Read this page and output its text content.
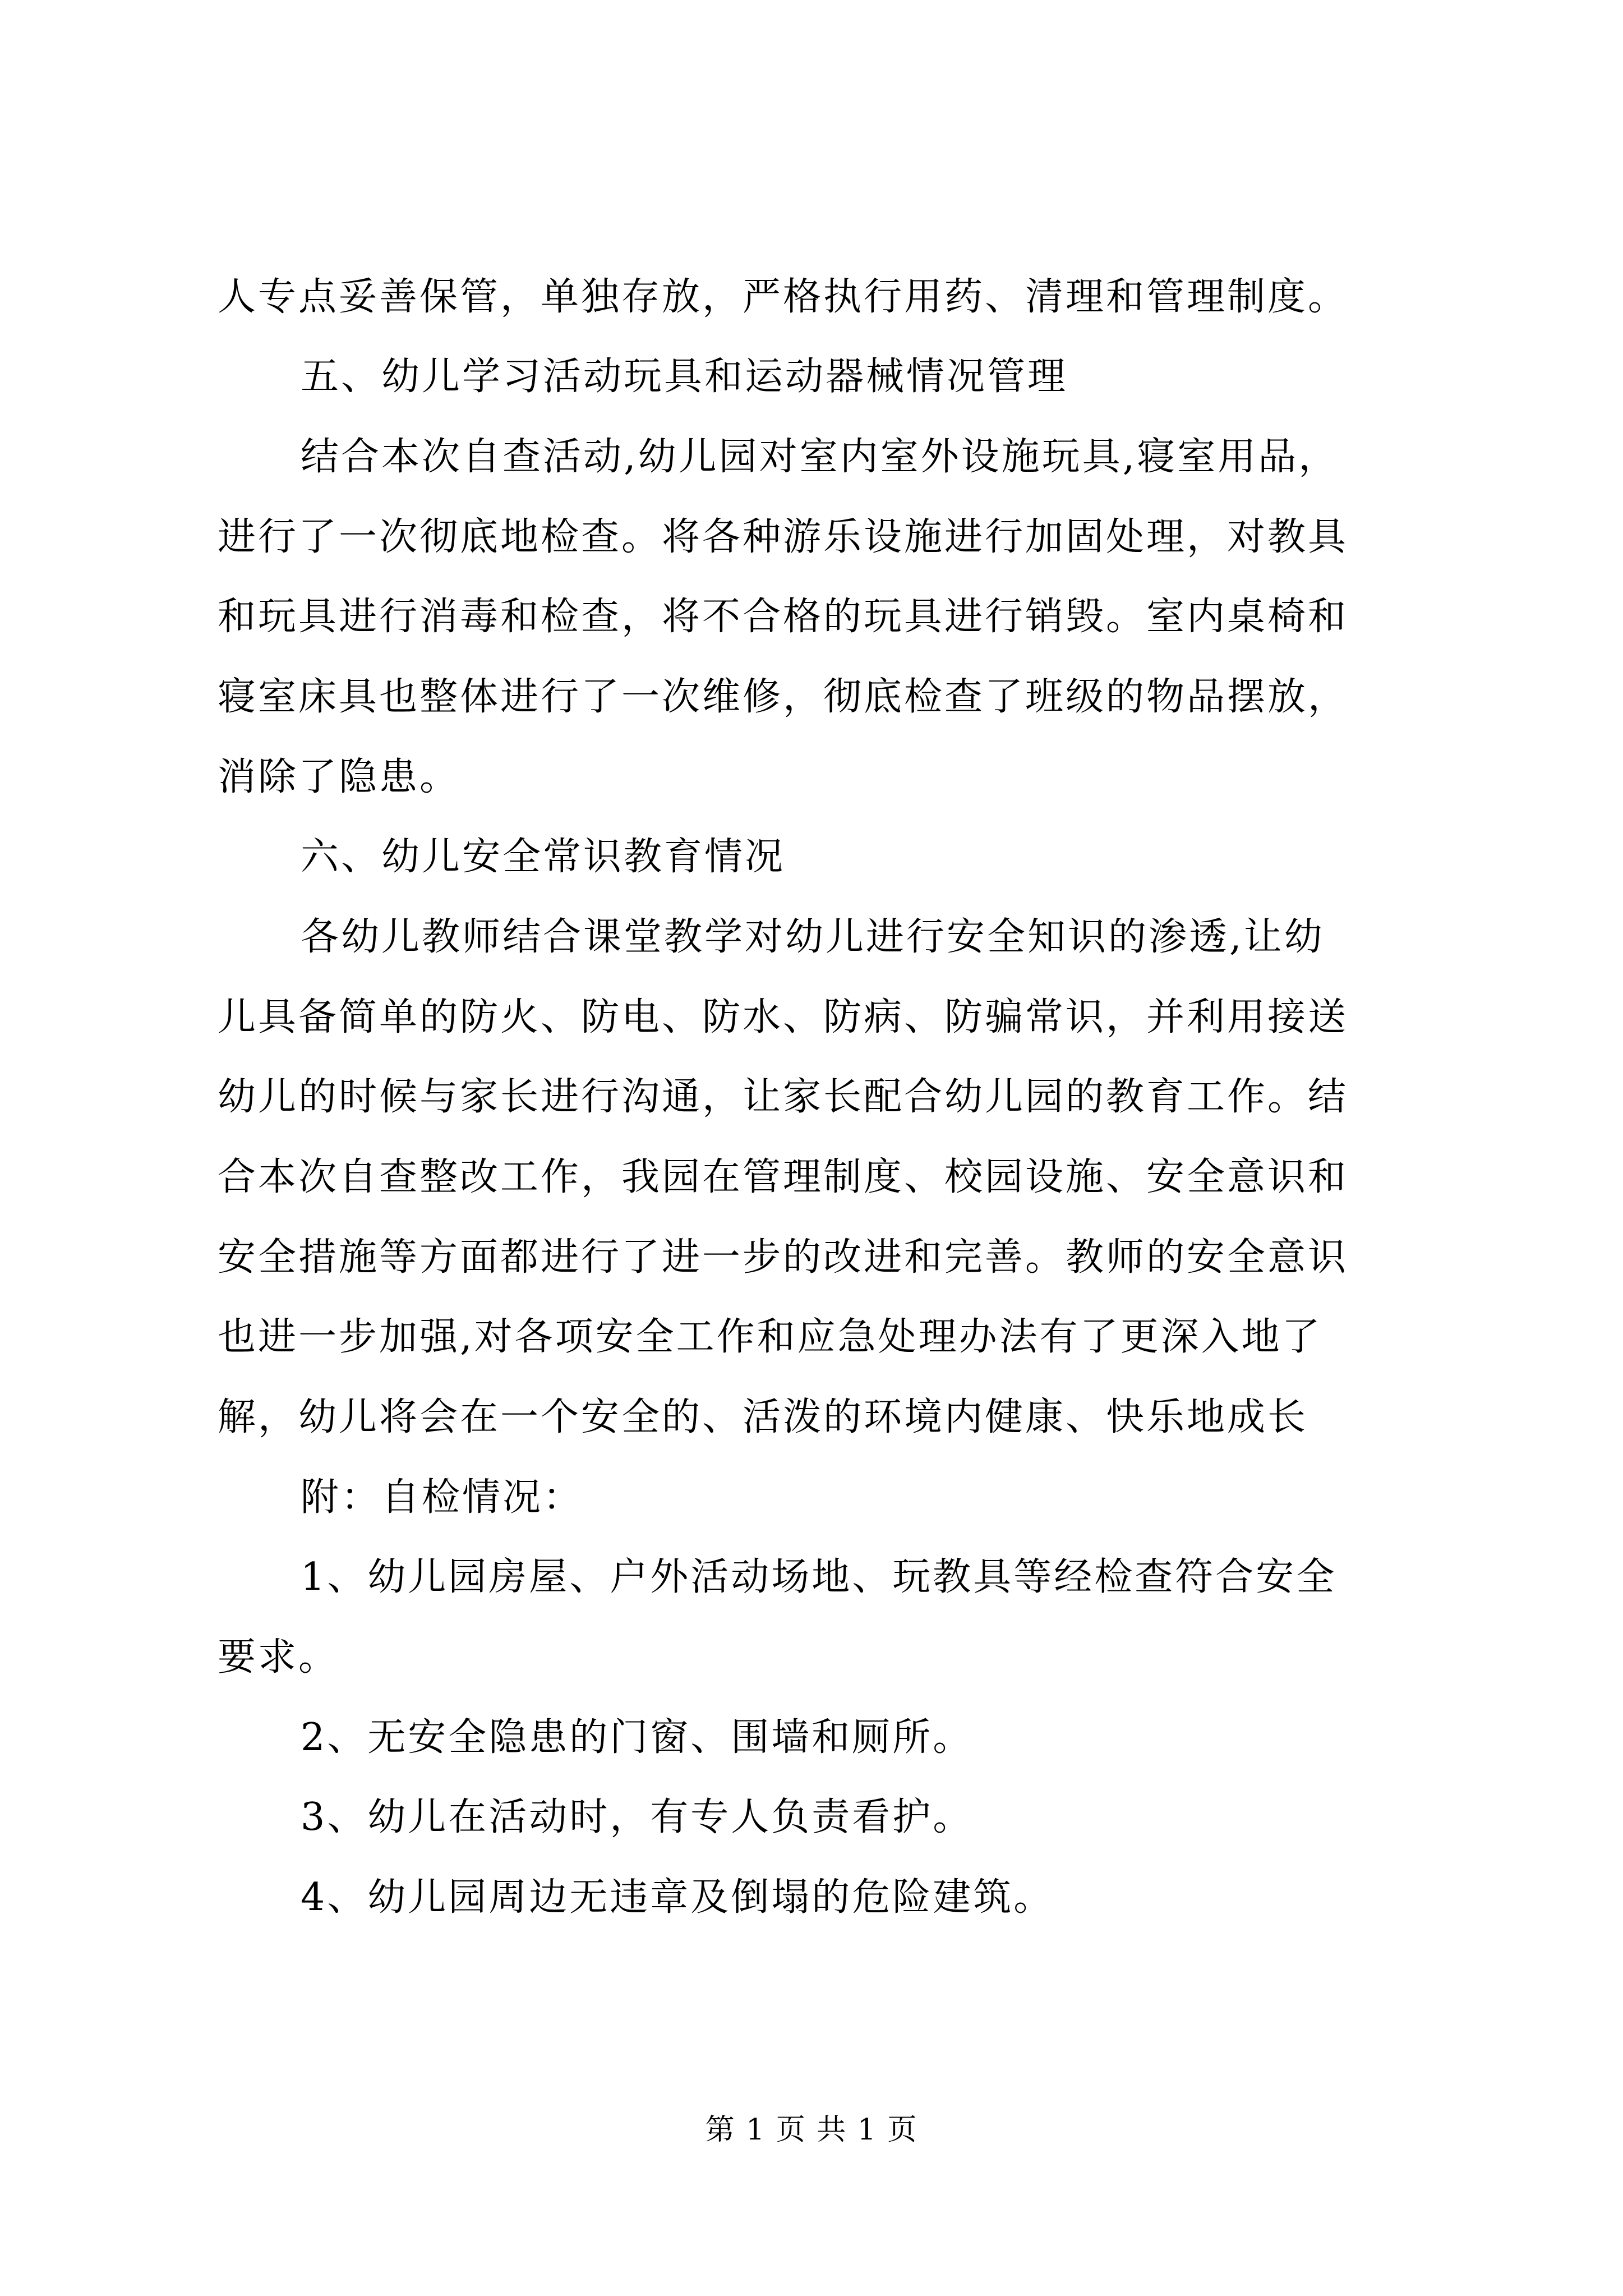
人专点妥善保管，单独存放，严格执行用药、清理和管理制度。
五、幼儿学习活动玩具和运动器械情况管理
结合本次自查活动,幼儿园对室内室外设施玩具,寝室用品，
进行了一次彻底地检查。将各种游乐设施进行加固处理，对教具
和玩具进行消毒和检查，将不合格的玩具进行销毁。室内桌椅和
寝室床具也整体进行了一次维修，彻底检查了班级的物品摆放，
消除了隐患。
六、幼儿安全常识教育情况
各幼儿教师结合课堂教学对幼儿进行安全知识的渗透,让幼
儿具备简单的防火、防电、防水、防病、防骗常识，并利用接送
幼儿的时候与家长进行沟通，让家长配合幼儿园的教育工作。结
合本次自查整改工作，我园在管理制度、校园设施、安全意识和
安全措施等方面都进行了进一步的改进和完善。教师的安全意识
也进一步加强,对各项安全工作和应急处理办法有了更深入地了
解，幼儿将会在一个安全的、活泼的环境内健康、快乐地成长
附：自检情况：
1、幼儿园房屋、户外活动场地、玩教具等经检查符合安全
要求。
2、无安全隐患的门窗、围墙和厕所。
3、幼儿在活动时，有专人负责看护。
4、幼儿园周边无违章及倒塌的危险建筑。
第 1 页 共 1 页
